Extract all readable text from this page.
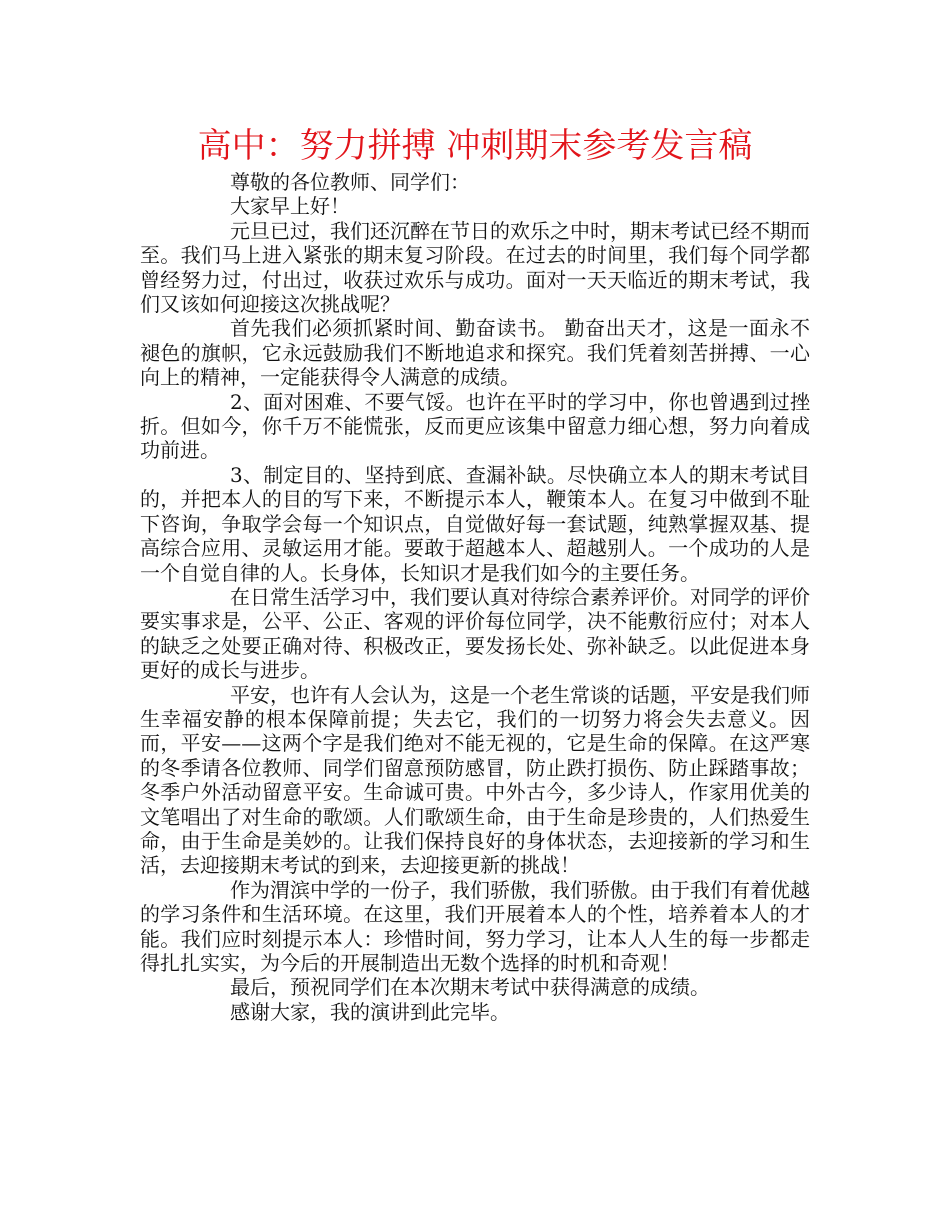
高中：努力拼搏 冲刺期末参考发言稿

尊敬的各位教师、同学们：

大家早上好！

元旦已过，我们还沉醉在节日的欢乐之中时，期末考试已经不期而至。我们马上进入紧张的期末复习阶段。在过去的时间里，我们每个同学都曾经努力过，付出过，收获过欢乐与成功。面对一天天临近的期末考试，我们又该如何迎接这次挑战呢？

首先我们必须抓紧时间、勤奋读书。 勤奋出天才，这是一面永不褪色的旗帜，它永远鼓励我们不断地追求和探究。我们凭着刻苦拼搏、一心向上的精神，一定能获得令人满意的成绩。

2、面对困难、不要气馁。也许在平时的学习中，你也曾遇到过挫折。但如今，你千万不能慌张，反而更应该集中留意力细心想，努力向着成功前进。

3、制定目的、坚持到底、查漏补缺。尽快确立本人的期末考试目的，并把本人的目的写下来，不断提示本人，鞭策本人。在复习中做到不耻下咨询，争取学会每一个知识点，自觉做好每一套试题，纯熟掌握双基、提高综合应用、灵敏运用才能。要敢于超越本人、超越别人。一个成功的人是一个自觉自律的人。长身体，长知识才是我们如今的主要任务。

在日常生活学习中，我们要认真对待综合素养评价。对同学的评价要实事求是，公平、公正、客观的评价每位同学，决不能敷衍应付；对本人的缺乏之处要正确对待、积极改正，要发扬长处、弥补缺乏。以此促进本身更好的成长与进步。

平安，也许有人会认为，这是一个老生常谈的话题，平安是我们师生幸福安静的根本保障前提；失去它，我们的一切努力将会失去意义。因而，平安——这两个字是我们绝对不能无视的，它是生命的保障。在这严寒的冬季请各位教师、同学们留意预防感冒，防止跌打损伤、防止踩踏事故；冬季户外活动留意平安。生命诚可贵。中外古今，多少诗人，作家用优美的文笔唱出了对生命的歌颂。人们歌颂生命，由于生命是珍贵的，人们热爱生命，由于生命是美妙的。让我们保持良好的身体状态，去迎接新的学习和生活，去迎接期末考试的到来，去迎接更新的挑战！

作为渭滨中学的一份子，我们骄傲，我们骄傲。由于我们有着优越的学习条件和生活环境。在这里，我们开展着本人的个性，培养着本人的才能。我们应时刻提示本人：珍惜时间，努力学习，让本人人生的每一步都走得扎扎实实，为今后的开展制造出无数个选择的时机和奇观！

最后，预祝同学们在本次期末考试中获得满意的成绩。

感谢大家，我的演讲到此完毕。
